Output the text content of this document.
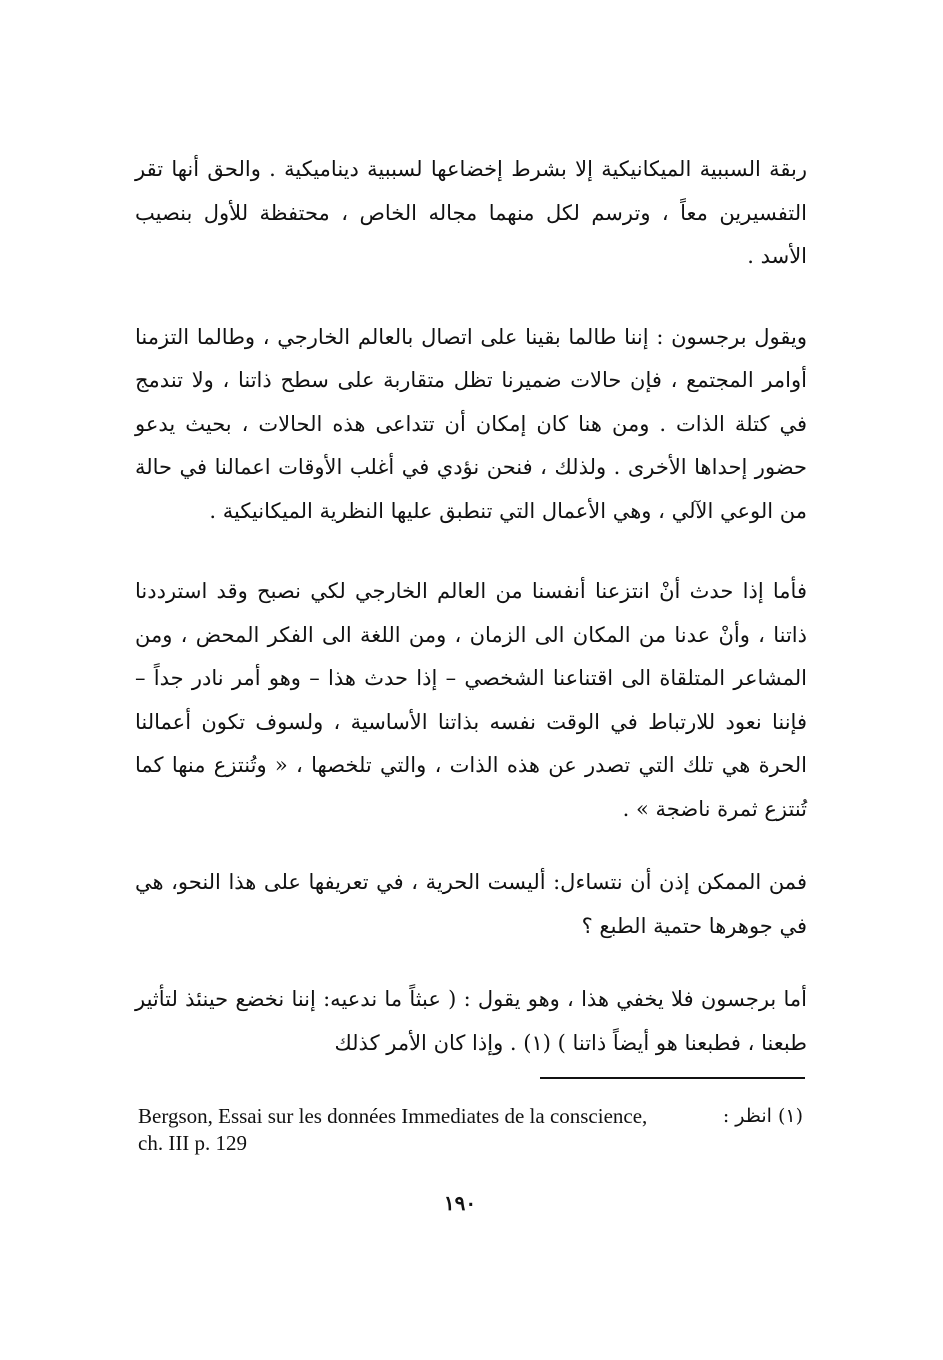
ربقة السببية الميكانيكية إلا بشرط إخضاعها لسببية ديناميكية . والحق أنها تقر التفسيرين معاً ، وترسم لكل منهما مجاله الخاص ، محتفظة للأول بنصيب الأسد .

ويقول برجسون : إننا طالما بقينا على اتصال بالعالم الخارجي ، وطالما التزمنا أوامر المجتمع ، فإن حالات ضميرنا تظل متقاربة على سطح ذاتنا ، ولا تندمج في كتلة الذات . ومن هنا كان إمكان أن تتداعى هذه الحالات ، بحيث يدعو حضور إحداها الأخرى . ولذلك ، فنحن نؤدي في أغلب الأوقات اعمالنا في حالة من الوعي الآلي ، وهي الأعمال التي تنطبق عليها النظرية الميكانيكية .

فأما إذا حدث أنْ انتزعنا أنفسنا من العالم الخارجي لكي نصبح وقد استرددنا ذاتنا ، وأنْ عدنا من المكان الى الزمان ، ومن اللغة الى الفكر المحض ، ومن المشاعر المتلقاة الى اقتناعنا الشخصي – إذا حدث هذا – وهو أمر نادر جداً – فإننا نعود للارتباط في الوقت نفسه بذاتنا الأساسية ، ولسوف تكون أعمالنا الحرة هي تلك التي تصدر عن هذه الذات ، والتي تلخصها ، « وتُنتزع منها كما تُنتزع ثمرة ناضجة » .

فمن الممكن إذن أن نتساءل: أليست الحرية ، في تعريفها على هذا النحو، هي في جوهرها حتمية الطبع ؟

أما برجسون فلا يخفي هذا ، وهو يقول : ( عبثاً ما ندعيه: إننا نخضع حينئذ لتأثير طبعنا ، فطبعنا هو أيضاً ذاتنا ) (١) . وإذا كان الأمر كذلك

(١) انظر :
Bergson, Essai sur les données Immediates de la conscience, ch. III p. 129
١٩٠
